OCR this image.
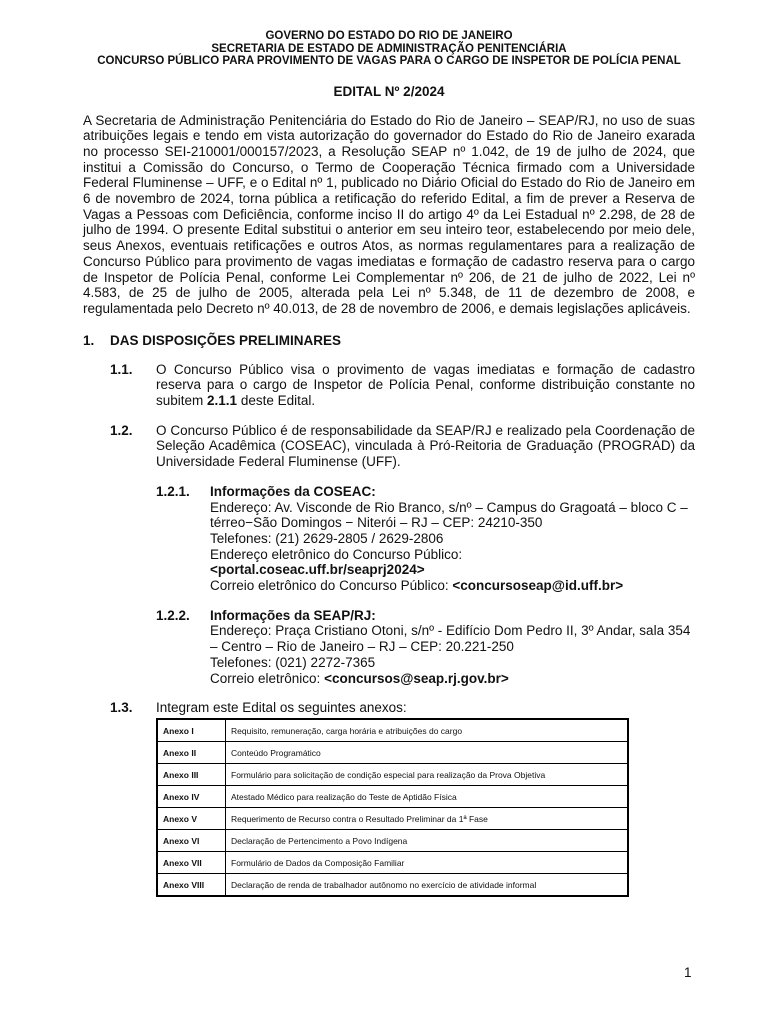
GOVERNO DO ESTADO DO RIO DE JANEIRO
SECRETARIA DE ESTADO DE ADMINISTRAÇÃO PENITENCIÁRIA
CONCURSO PÚBLICO PARA PROVIMENTO DE VAGAS PARA O CARGO DE INSPETOR DE POLÍCIA PENAL
EDITAL Nº 2/2024
A Secretaria de Administração Penitenciária do Estado do Rio de Janeiro – SEAP/RJ, no uso de suas atribuições legais e tendo em vista autorização do governador do Estado do Rio de Janeiro exarada no processo SEI-210001/000157/2023, a Resolução SEAP nº 1.042, de 19 de julho de 2024, que institui a Comissão do Concurso, o Termo de Cooperação Técnica firmado com a Universidade Federal Fluminense – UFF, e o Edital nº 1, publicado no Diário Oficial do Estado do Rio de Janeiro em 6 de novembro de 2024, torna pública a retificação do referido Edital, a fim de prever a Reserva de Vagas a Pessoas com Deficiência, conforme inciso II do artigo 4º da Lei Estadual nº 2.298, de 28 de julho de 1994. O presente Edital substitui o anterior em seu inteiro teor, estabelecendo por meio dele, seus Anexos, eventuais retificações e outros Atos, as normas regulamentares para a realização de Concurso Público para provimento de vagas imediatas e formação de cadastro reserva para o cargo de Inspetor de Polícia Penal, conforme Lei Complementar nº 206, de 21 de julho de 2022, Lei nº 4.583, de 25 de julho de 2005, alterada pela Lei nº 5.348, de 11 de dezembro de 2008, e regulamentada pelo Decreto nº 40.013, de 28 de novembro de 2006, e demais legislações aplicáveis.
1.	DAS DISPOSIÇÕES PRELIMINARES
1.1.	O Concurso Público visa o provimento de vagas imediatas e formação de cadastro reserva para o cargo de Inspetor de Polícia Penal, conforme distribuição constante no subitem 2.1.1 deste Edital.
1.2.	O Concurso Público é de responsabilidade da SEAP/RJ e realizado pela Coordenação de Seleção Acadêmica (COSEAC), vinculada à Pró-Reitoria de Graduação (PROGRAD) da Universidade Federal Fluminense (UFF).
1.2.1.	Informações da COSEAC:
Endereço: Av. Visconde de Rio Branco, s/nº – Campus do Gragoatá – bloco C – térreo−São Domingos − Niterói – RJ – CEP: 24210-350
Telefones: (21) 2629-2805 / 2629-2806
Endereço eletrônico do Concurso Público:
<portal.coseac.uff.br/seaprj2024>
Correio eletrônico do Concurso Público: <concursoseap@id.uff.br>
1.2.2.	Informações da SEAP/RJ:
Endereço: Praça Cristiano Otoni, s/nº - Edifício Dom Pedro II, 3º Andar, sala 354 – Centro – Rio de Janeiro – RJ – CEP: 20.221-250
Telefones: (021) 2272-7365
Correio eletrônico: <concursos@seap.rj.gov.br>
1.3.	Integram este Edital os seguintes anexos:
Anexo I	Requisito, remuneração, carga horária e atribuições do cargo
Anexo II	Conteúdo Programático
Anexo III	Formulário para solicitação de condição especial para realização da Prova Objetiva
Anexo IV	Atestado Médico para realização do Teste de Aptidão Física
Anexo V	Requerimento de Recurso contra o Resultado Preliminar da 1ª Fase
Anexo VI	Declaração de Pertencimento a Povo Indígena
Anexo VII	Formulário de Dados da Composição Familiar
Anexo VIII	Declaração de renda de trabalhador autônomo no exercício de atividade informal
1
